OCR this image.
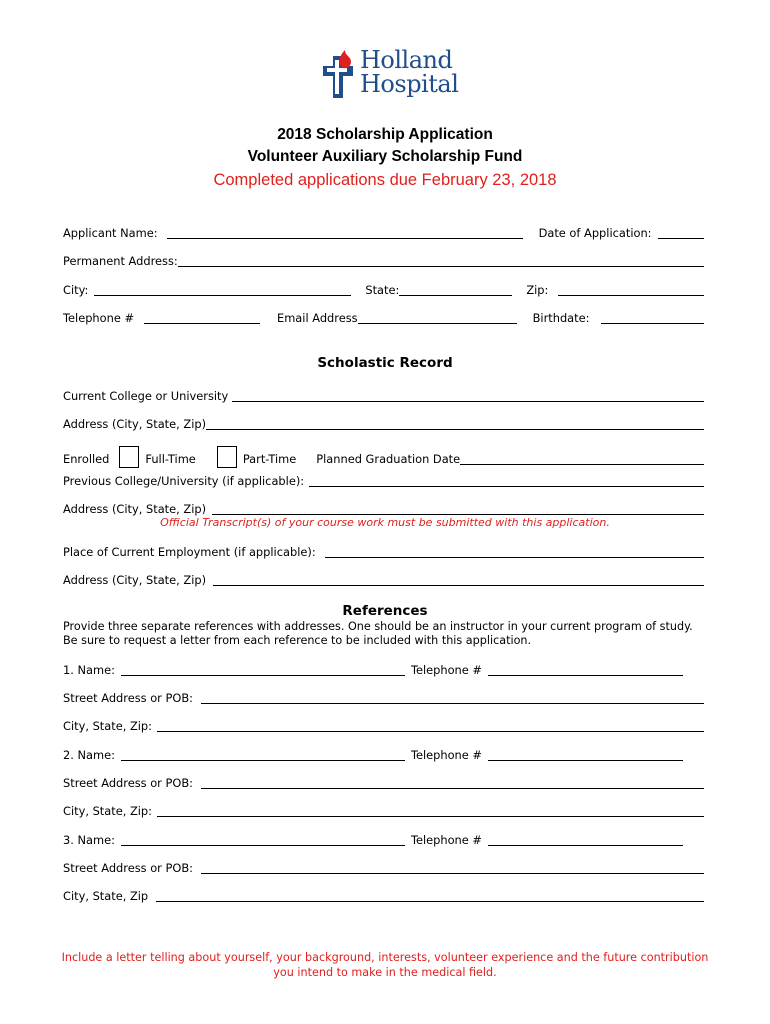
Holland
Hospital
2018 Scholarship Application
Volunteer Auxiliary Scholarship Fund
Completed applications due February 23, 2018
Applicant Name:	Date of Application:
Permanent Address:
City:	State:	Zip:
Telephone #	Email Address	Birthdate:
Scholastic Record
Current College or University
Address (City, State, Zip)
Enrolled	Full-Time	Part-Time Planned Graduation Date
Previous College/University (if applicable):
Address (City, State, Zip)
Official Transcript(s) of your course work must be submitted with this application.
Place of Current Employment (if applicable):
Address (City, State, Zip)
References
Provide three separate references with addresses. One should be an instructor in your current program of study. Be sure to request a letter from each reference to be included with this application.
1. Name:	Telephone #
Street Address or POB:
City, State, Zip:
2. Name:	Telephone #
Street Address or POB:
City, State, Zip:
3. Name:	Telephone #
Street Address or POB:
City, State, Zip
Include a letter telling about yourself, your background, interests, volunteer experience and the future contribution you intend to make in the medical field.
